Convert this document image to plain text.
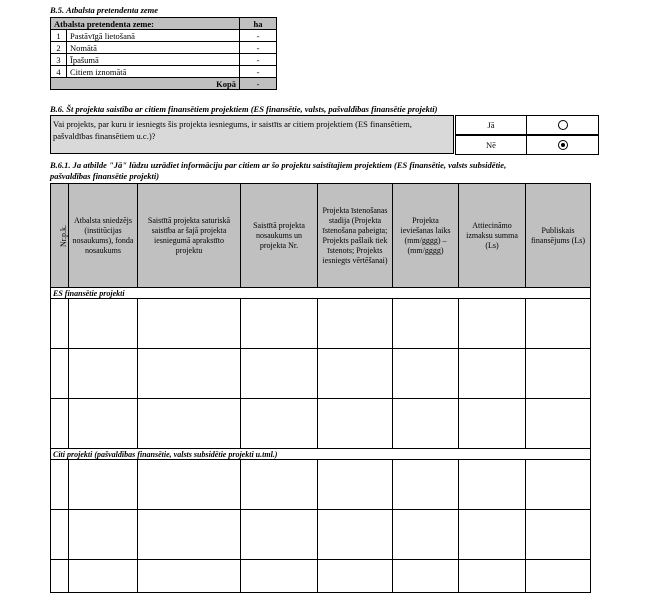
B.5. Atbalsta pretendenta zeme
Atbalsta pretendenta zeme:		ha
1	Pastāvīgā lietošanā	-
2	Nomātā	-
3	Īpašumā	-
4	Citiem iznomātā	-
Kopā		-
B.6. Št projekta saistība ar citiem finansētiem projektiem (ES finansētie, valsts, pašvaldības finansētie projekti)
Vai projekts, par kuru ir iesniegts šis projekta iesniegums, ir saistīts ar citiem projektiem (ES finansētiem, pašvaldības finansētiem u.c.)?
Jā
Nē
B.6.1. Ja atbilde "Jā" lūdzu uzrādiet informāciju par citiem ar šo projektu saistītajiem projektiem (ES finansētie, valsts subsidētie,
pašvaldības finansētie projekti)
Nr.p.k.	Atbalsta sniedzējs (institūcijas nosaukums), fonda nosaukums	Saistītā projekta saturiskā saistība ar šajā projekta iesniegumā aprakstīto projektu	Saistītā projekta nosaukums un projekta Nr.	Projekta īstenošanas stadija (Projekta īstenošana pabeigta; Projekts pašlaik tiek īstenots; Projekts iesniegts vērtēšanai)	Projekta ieviešanas laiks (mm/gggg) – (mm/gggg)	Attiecināmo izmaksu summa (Ls)	Publiskais finansējums (Ls)
ES finansētie projekti							

Citi projekti (pašvaldības finansētie, valsts subsidētie projekti u.tml.)							
